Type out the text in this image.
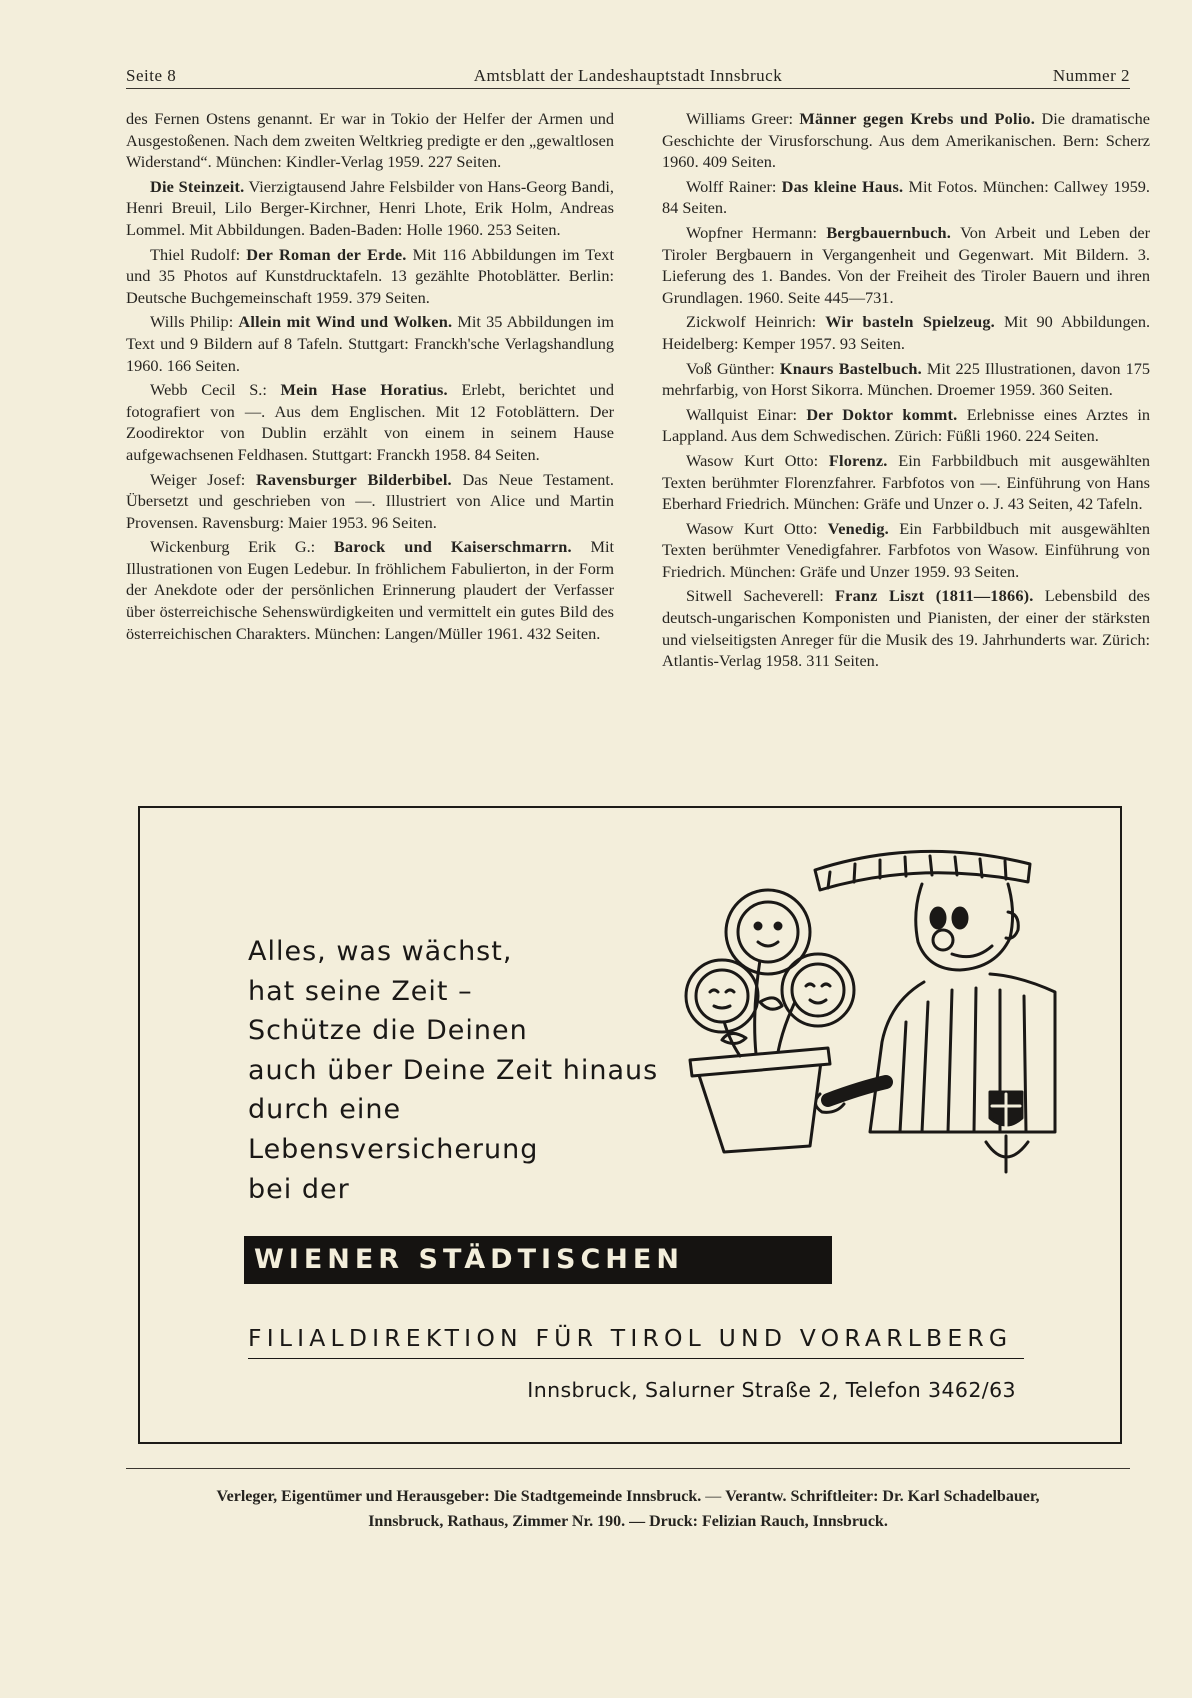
Seite 8	Amtsblatt der Landeshauptstadt Innsbruck	Nummer 2

des Fernen Ostens genannt. Er war in Tokio der Helfer der Armen und Ausgestoßenen. Nach dem zweiten Weltkrieg predigte er den „gewaltlosen Widerstand“. München: Kindler-Verlag 1959. 227 Seiten.

Die Steinzeit. Vierzigtausend Jahre Felsbilder von Hans-Georg Bandi, Henri Breuil, Lilo Berger-Kirchner, Henri Lhote, Erik Holm, Andreas Lommel. Mit Abbildungen. Baden-Baden: Holle 1960. 253 Seiten.

Thiel Rudolf: Der Roman der Erde. Mit 116 Abbildungen im Text und 35 Photos auf Kunstdrucktafeln. 13 gezählte Photoblätter. Berlin: Deutsche Buchgemeinschaft 1959. 379 Seiten.

Wills Philip: Allein mit Wind und Wolken. Mit 35 Abbildungen im Text und 9 Bildern auf 8 Tafeln. Stuttgart: Franckh'sche Verlagshandlung 1960. 166 Seiten.

Webb Cecil S.: Mein Hase Horatius. Erlebt, berichtet und fotografiert von —. Aus dem Englischen. Mit 12 Fotoblättern. Der Zoodirektor von Dublin erzählt von einem in seinem Hause aufgewachsenen Feldhasen. Stuttgart: Franckh 1958. 84 Seiten.

Weiger Josef: Ravensburger Bilderbibel. Das Neue Testament. Übersetzt und geschrieben von —. Illustriert von Alice und Martin Provensen. Ravensburg: Maier 1953. 96 Seiten.

Wickenburg Erik G.: Barock und Kaiserschmarrn. Mit Illustrationen von Eugen Ledebur. In fröhlichem Fabulierton, in der Form der Anekdote oder der persönlichen Erinnerung plaudert der Verfasser über österreichische Sehenswürdigkeiten und vermittelt ein gutes Bild des österreichischen Charakters. München: Langen/Müller 1961. 432 Seiten.

Williams Greer: Männer gegen Krebs und Polio. Die dramatische Geschichte der Virusforschung. Aus dem Amerikanischen. Bern: Scherz 1960. 409 Seiten.

Wolff Rainer: Das kleine Haus. Mit Fotos. München: Callwey 1959. 84 Seiten.

Wopfner Hermann: Bergbauernbuch. Von Arbeit und Leben der Tiroler Bergbauern in Vergangenheit und Gegenwart. Mit Bildern. 3. Lieferung des 1. Bandes. Von der Freiheit des Tiroler Bauern und ihren Grundlagen. 1960. Seite 445—731.

Zickwolf Heinrich: Wir basteln Spielzeug. Mit 90 Abbildungen. Heidelberg: Kemper 1957. 93 Seiten.

Voß Günther: Knaurs Bastelbuch. Mit 225 Illustrationen, davon 175 mehrfarbig, von Horst Sikorra. München. Droemer 1959. 360 Seiten.

Wallquist Einar: Der Doktor kommt. Erlebnisse eines Arztes in Lappland. Aus dem Schwedischen. Zürich: Füßli 1960. 224 Seiten.

Wasow Kurt Otto: Florenz. Ein Farbbildbuch mit ausgewählten Texten berühmter Florenzfahrer. Farbfotos von —. Einführung von Hans Eberhard Friedrich. München: Gräfe und Unzer o. J. 43 Seiten, 42 Tafeln.

Wasow Kurt Otto: Venedig. Ein Farbbildbuch mit ausgewählten Texten berühmter Venedigfahrer. Farbfotos von Wasow. Einführung von Friedrich. München: Gräfe und Unzer 1959. 93 Seiten.

Sitwell Sacheverell: Franz Liszt (1811—1866). Lebensbild des deutsch-ungarischen Komponisten und Pianisten, der einer der stärksten und vielseitigsten Anreger für die Musik des 19. Jahrhunderts war. Zürich: Atlantis-Verlag 1958. 311 Seiten.

Alles, was wächst,
hat seine Zeit –
Schütze die Deinen
auch über Deine Zeit hinaus
durch eine
Lebensversicherung
bei der
WIENER STÄDTISCHEN
FILIALDIREKTION FÜR TIROL UND VORARLBERG
Innsbruck, Salurner Straße 2, Telefon 3462/63
Verleger, Eigentümer und Herausgeber: Die Stadtgemeinde Innsbruck. — Verantw. Schriftleiter: Dr. Karl Schadelbauer,
Innsbruck, Rathaus, Zimmer Nr. 190. — Druck: Felizian Rauch, Innsbruck.
